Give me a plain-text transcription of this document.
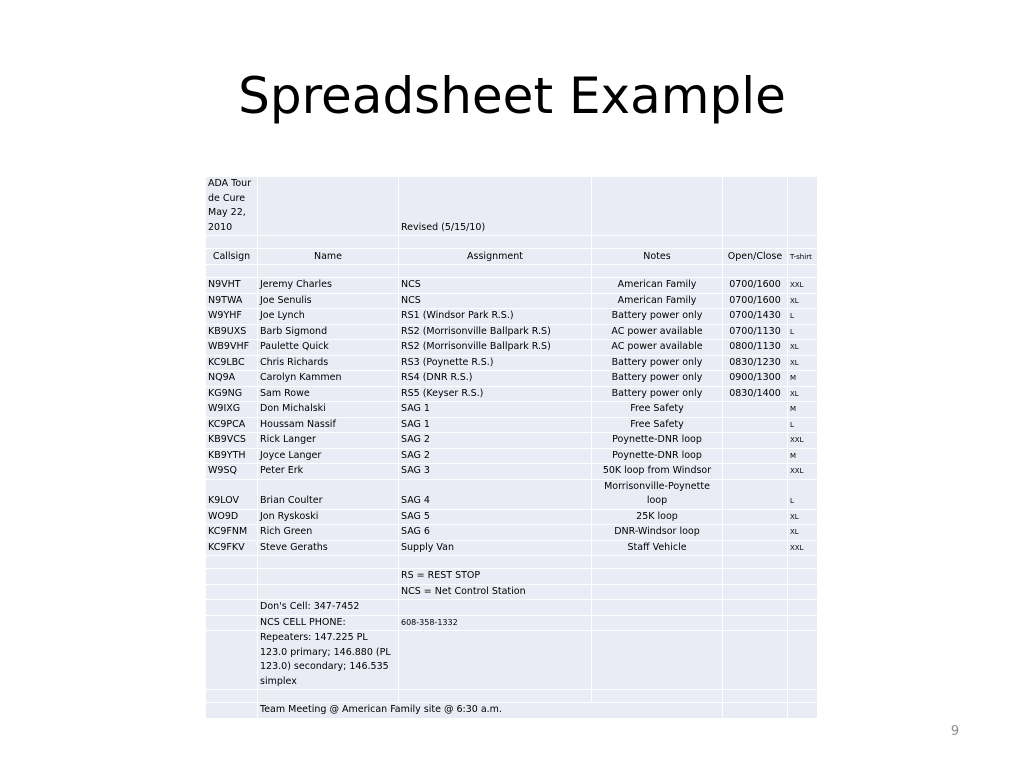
Spreadsheet Example
ADA Tour de Cure May 22, 2010		Revised (5/15/10)			

Callsign	Name	Assignment	Notes	Open/Close	T-shirt

N9VHT	Jeremy Charles	NCS	American Family	0700/1600	XXL
N9TWA	Joe Senulis	NCS	American Family	0700/1600	XL
W9YHF	Joe Lynch	RS1 (Windsor Park R.S.)	Battery power only	0700/1430	L
KB9UXS	Barb Sigmond	RS2 (Morrisonville Ballpark R.S)	AC power available	0700/1130	L
WB9VHF	Paulette Quick	RS2 (Morrisonville Ballpark R.S)	AC power available	0800/1130	XL
KC9LBC	Chris Richards	RS3 (Poynette R.S.)	Battery power only	0830/1230	XL
NQ9A	Carolyn Kammen	RS4 (DNR R.S.)	Battery power only	0900/1300	M
KG9NG	Sam Rowe	RS5 (Keyser R.S.)	Battery power only	0830/1400	XL
W9IXG	Don Michalski	SAG 1	Free Safety		M
KC9PCA	Houssam Nassif	SAG 1	Free Safety		L
KB9VCS	Rick Langer	SAG 2	Poynette-DNR loop		XXL
KB9YTH	Joyce Langer	SAG 2	Poynette-DNR loop		M
W9SQ	Peter Erk	SAG 3	50K loop from Windsor		XXL
K9LOV	Brian Coulter	SAG 4	Morrisonville-Poynette loop		L
WO9D	Jon Ryskoski	SAG 5	25K loop		XL
KC9FNM	Rich Green	SAG 6	DNR-Windsor loop		XL
KC9FKV	Steve Geraths	Supply Van	Staff Vehicle		XXL

		RS = REST STOP			
		NCS = Net Control Station			
	Don's Cell: 347-7452				
	NCS CELL PHONE:	608-358-1332			
	Repeaters: 147.225 PL 123.0 primary; 146.880 (PL 123.0) secondary; 146.535 simplex				

	Team Meeting @ American Family site @ 6:30 a.m.				
9
